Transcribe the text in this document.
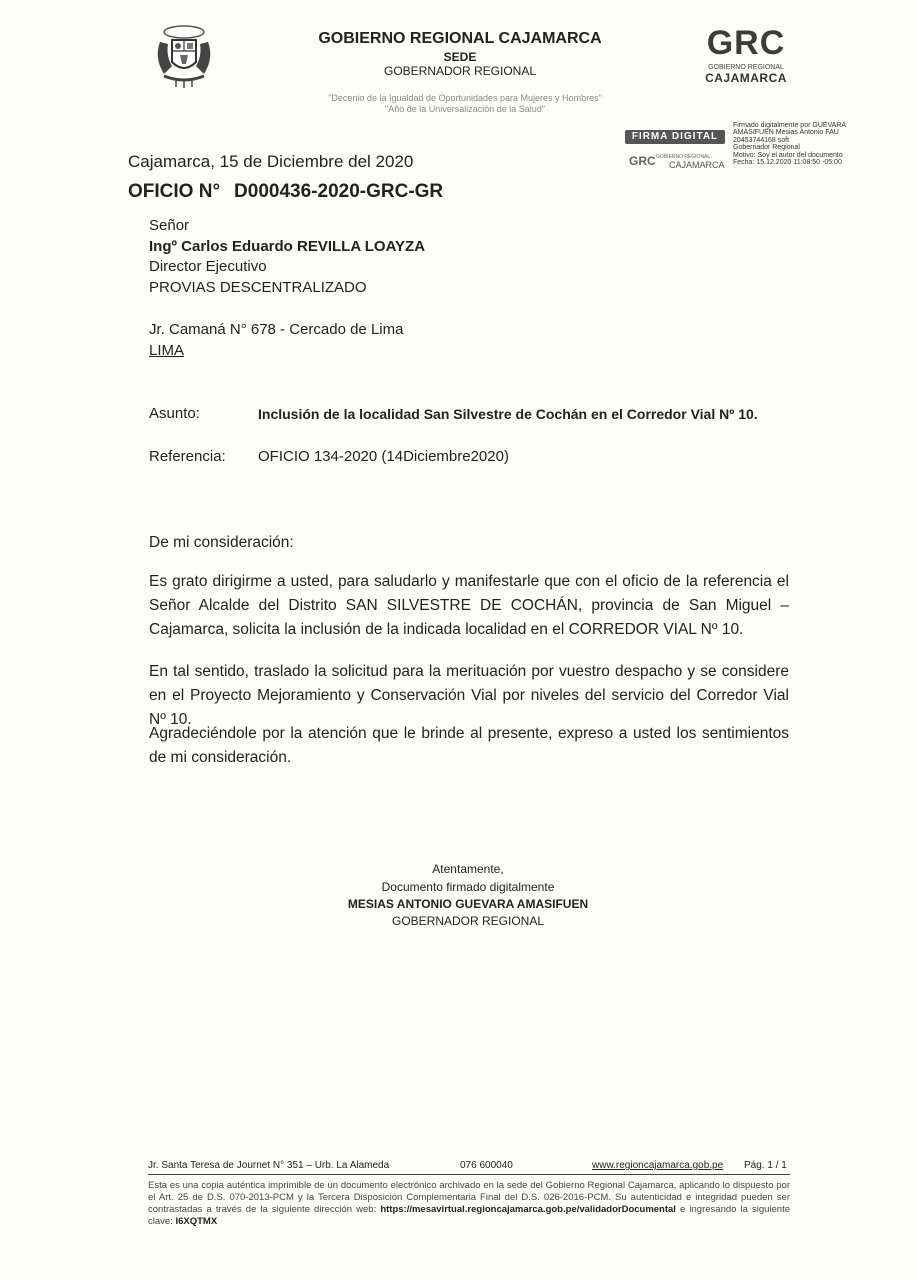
GOBIERNO REGIONAL CAJAMARCA
SEDE
GOBERNADOR REGIONAL
GRC
GOBIERNO REGIONAL
CAJAMARCA
"Decenio de la Igualdad de Oportunidades para Mujeres y Hombres"
"Año de la Universalización de la Salud"
FIRMA DIGITAL
GRC GOBIERNO REGIONAL
CAJAMARCA
Firmado digitalmente por GUEVARA
AMASIFUEN Mesias Antonio FAU
20453744168 soft
Gobernador Regional
Motivo: Soy el autor del documento
Fecha: 15.12.2020 11:08:50 -05:00
Cajamarca, 15 de Diciembre del 2020
OFICIO N° D000436-2020-GRC-GR
Señor
Ingº Carlos Eduardo REVILLA LOAYZA
Director Ejecutivo
PROVIAS DESCENTRALIZADO
Jr. Camaná N° 678 - Cercado de Lima
LIMA
Asunto:	Inclusión de la localidad San Silvestre de Cochán en el Corredor Vial Nº 10.
Referencia: OFICIO 134-2020 (14Diciembre2020)
De mi consideración:
Es grato dirigirme a usted, para saludarlo y manifestarle que con el oficio de la referencia el Señor Alcalde del Distrito SAN SILVESTRE DE COCHÁN, provincia de San Miguel – Cajamarca, solicita la inclusión de la indicada localidad en el CORREDOR VIAL Nº 10.
En tal sentido, traslado la solicitud para la merituación por vuestro despacho y se considere en el Proyecto Mejoramiento y Conservación Vial por niveles del servicio del Corredor Vial Nº 10.
Agradeciéndole por la atención que le brinde al presente, expreso a usted los sentimientos de mi consideración.
Atentamente,
Documento firmado digitalmente
MESIAS ANTONIO GUEVARA AMASIFUEN
GOBERNADOR REGIONAL
Jr. Santa Teresa de Journet N° 351 – Urb. La Alameda	076 600040	www.regioncajamarca.gob.pe Pág. 1 / 1
Esta es una copia auténtica imprimible de un documento electrónico archivado en la sede del Gobierno Regional Cajamarca, aplicando lo dispuesto por el Art. 25 de D.S. 070-2013-PCM y la Tercera Disposición Complementaria Final del D.S. 026-2016-PCM. Su autenticidad e integridad pueden ser contrastadas a través de la siguiente dirección web: https://mesavirtual.regioncajamarca.gob.pe/validadorDocumental e ingresando la siguiente clave: I6XQTMX
